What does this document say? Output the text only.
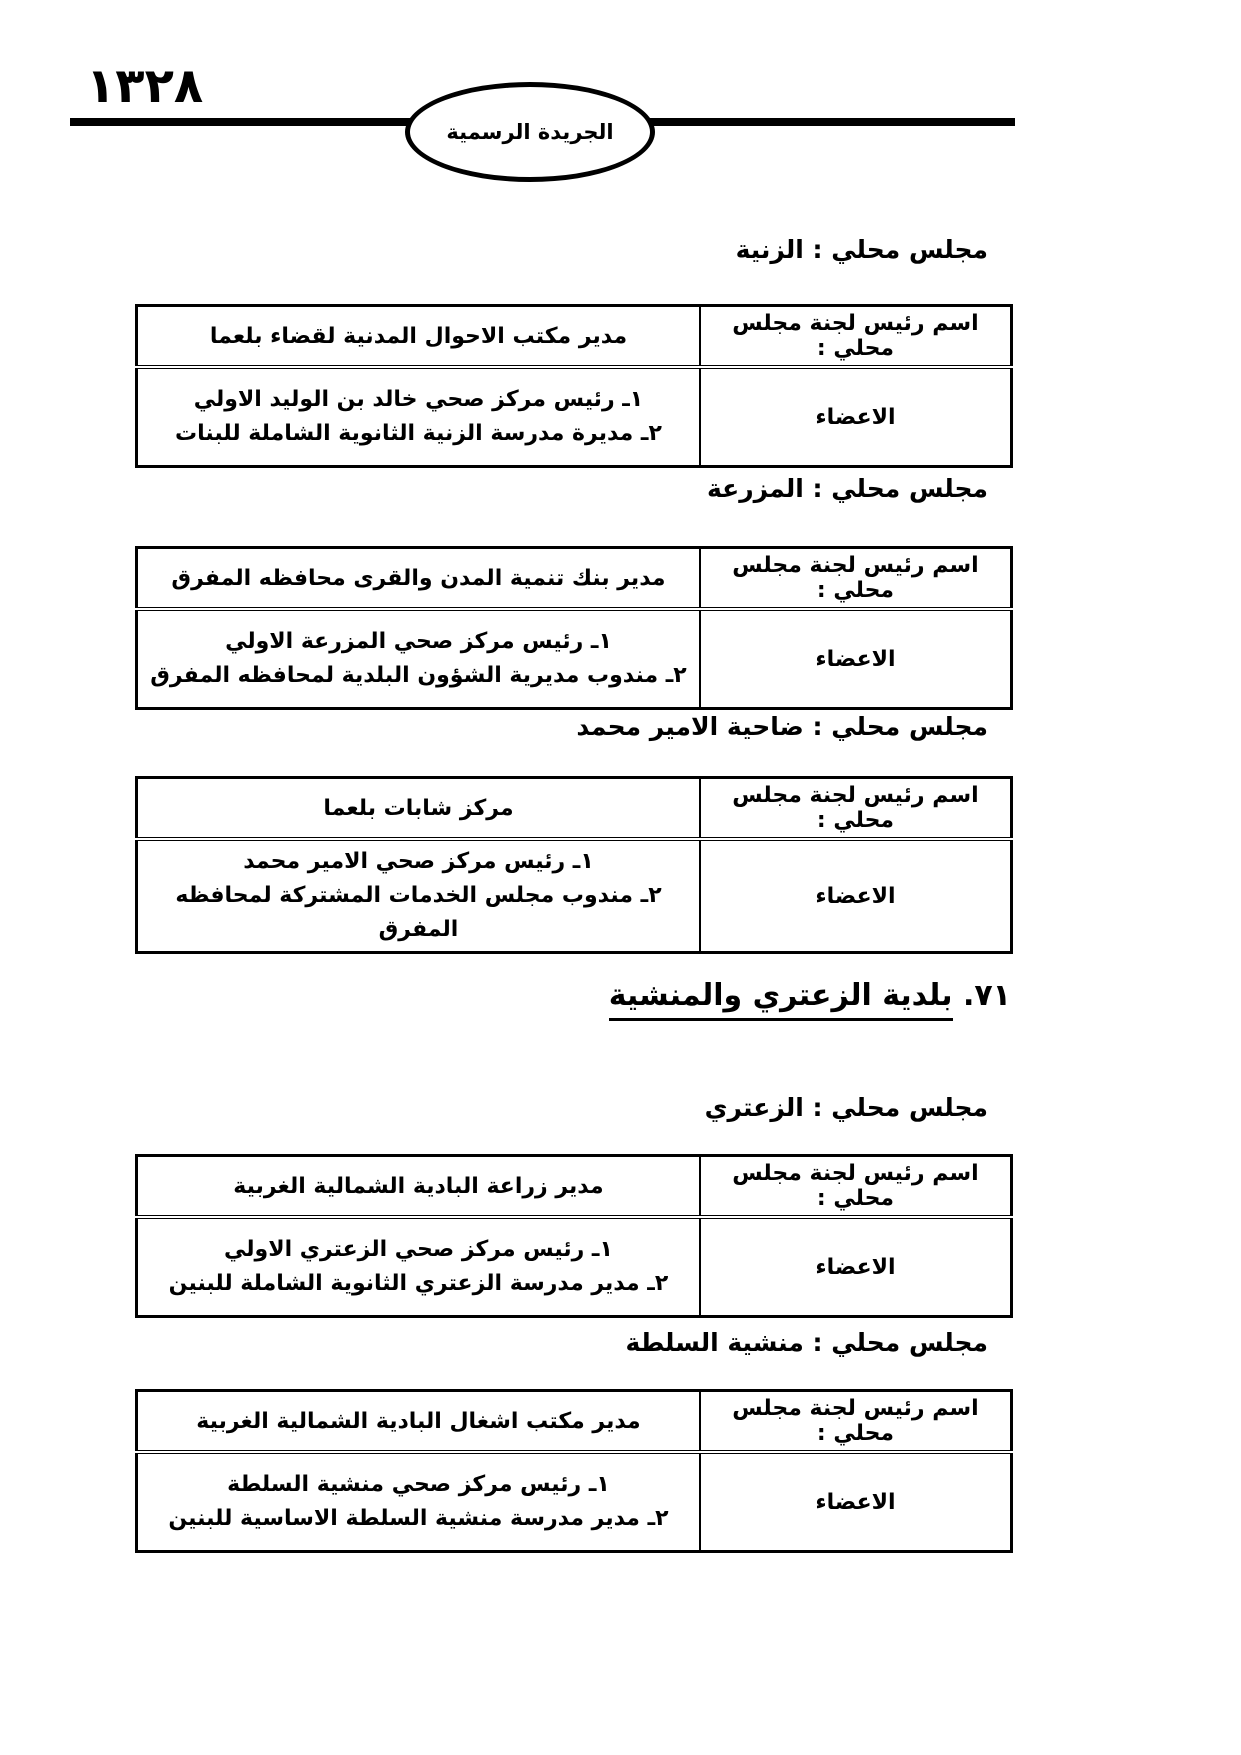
١٣٢٨
الجريدة الرسمية
مجلس محلي : الزنية
اسم رئيس لجنة مجلس محلي :	مدير مكتب الاحوال المدنية لقضاء بلعما
الاعضاء	١ـ رئيس مركز صحي خالد بن الوليد الاولي
٢ـ مديرة مدرسة الزنية الثانوية الشاملة للبنات
مجلس محلي : المزرعة
اسم رئيس لجنة مجلس محلي :	مدير بنك تنمية المدن والقرى محافظه المفرق
الاعضاء	١ـ رئيس مركز صحي المزرعة الاولي
٢ـ مندوب مديرية الشؤون البلدية لمحافظه المفرق
مجلس محلي : ضاحية الامير محمد
اسم رئيس لجنة مجلس محلي :	مركز شابات بلعما
الاعضاء	١ـ رئيس مركز صحي الامير محمد
٢ـ مندوب مجلس الخدمات المشتركة لمحافظه المفرق
٧١. بلدية الزعتري والمنشية
مجلس محلي : الزعتري
اسم رئيس لجنة مجلس محلي :	مدير زراعة البادية الشمالية الغربية
الاعضاء	١ـ رئيس مركز صحي الزعتري الاولي
٢ـ مدير مدرسة الزعتري الثانوية الشاملة للبنين
مجلس محلي : منشية السلطة
اسم رئيس لجنة مجلس محلي :	مدير مكتب اشغال البادية الشمالية الغربية
الاعضاء	١ـ رئيس مركز صحي منشية السلطة
٢ـ مدير مدرسة منشية السلطة الاساسية للبنين
